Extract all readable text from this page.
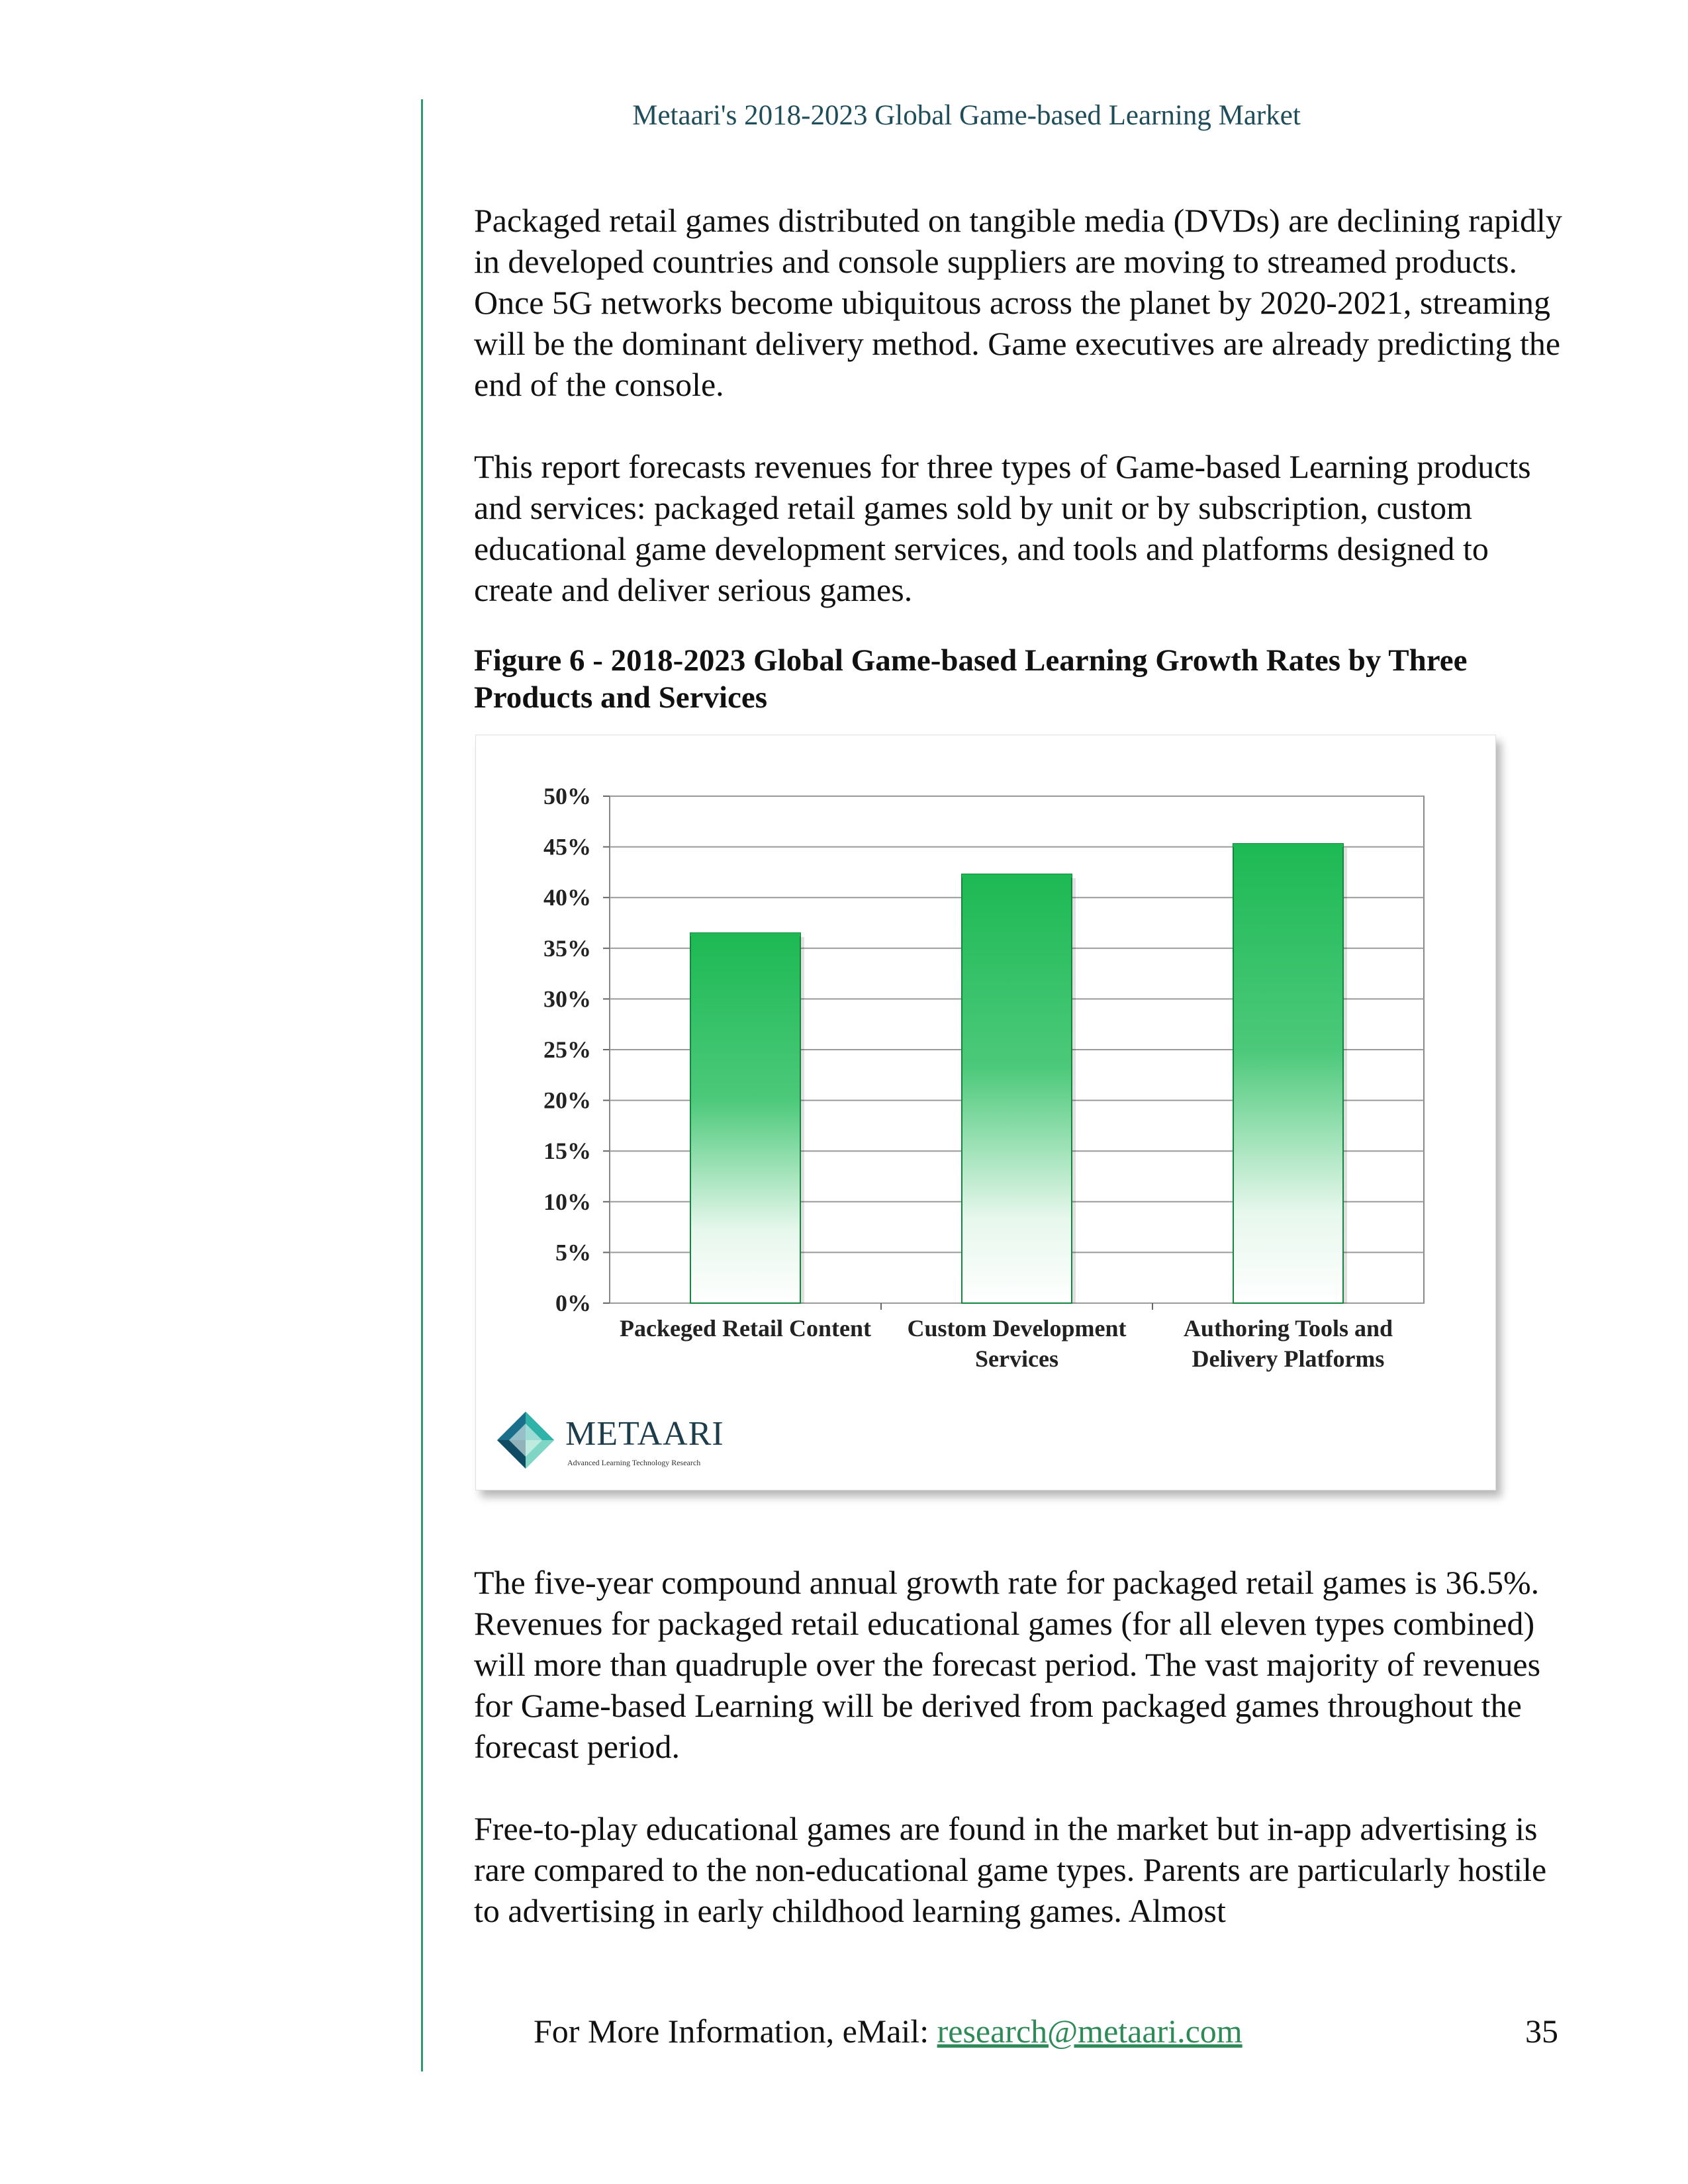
Metaari's 2018-2023 Global Game-based Learning Market

Packaged retail games distributed on tangible media (DVDs) are declining rapidly in developed countries and console suppliers are moving to streamed products. Once 5G networks become ubiquitous across the planet by 2020-2021, streaming will be the dominant delivery method. Game executives are already predicting the end of the console.

This report forecasts revenues for three types of Game-based Learning products and services: packaged retail games sold by unit or by subscription, custom educational game development services, and tools and platforms designed to create and deliver serious games.

Figure 6 - 2018-2023 Global Game-based Learning Growth Rates by Three Products and Services

0%
5%
10%
15%
20%
25%
30%
35%
40%
45%
50%
Packeged Retail Content Custom Development
Services
Authoring Tools and
Delivery Platforms
METAARI
Advanced Learning Technology Research

The five-year compound annual growth rate for packaged retail games is 36.5%. Revenues for packaged retail educational games (for all eleven types combined) will more than quadruple over the forecast period. The vast majority of revenues for Game-based Learning will be derived from packaged games throughout the forecast period.

Free-to-play educational games are found in the market but in-app advertising is rare compared to the non-educational game types. Parents are particularly hostile to advertising in early childhood learning games. Almost

For More Information, eMail: research@metaari.com	35
